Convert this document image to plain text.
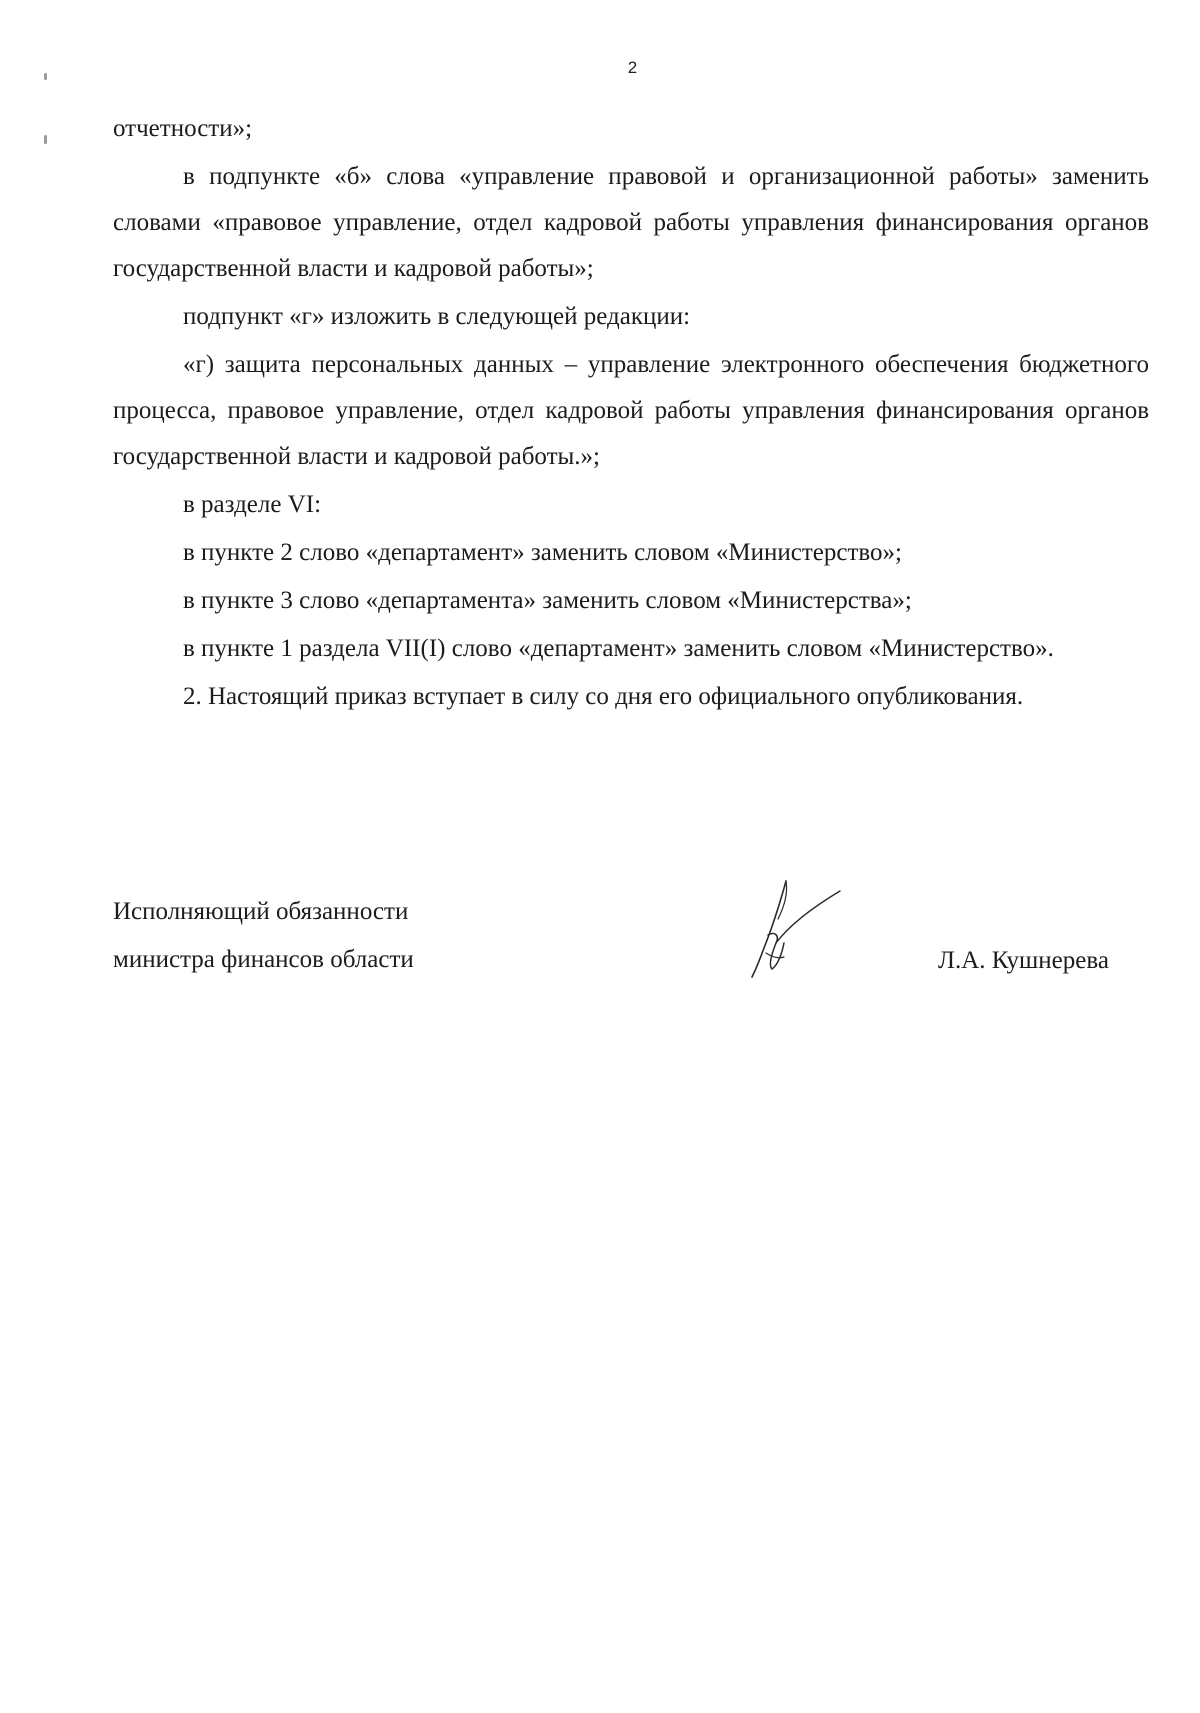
2

отчетности»;

в подпункте «б» слова «управление правовой и организационной работы» заменить словами «правовое управление, отдел кадровой работы управления финансирования органов государственной власти и кадровой работы»;

подпункт «г» изложить в следующей редакции:

«г) защита персональных данных – управление электронного обеспечения бюджетного процесса, правовое управление, отдел кадровой работы управления финансирования органов государственной власти и кадровой работы.»;

в разделе VI:

в пункте 2 слово «департамент» заменить словом «Министерство»;

в пункте 3 слово «департамента» заменить словом «Министерства»;

в пункте 1 раздела VII(I) слово «департамент» заменить словом «Министерство».

2. Настоящий приказ вступает в силу со дня его официального опубликования.

Исполняющий обязанности
министра финансов области	Л.А. Кушнерева
